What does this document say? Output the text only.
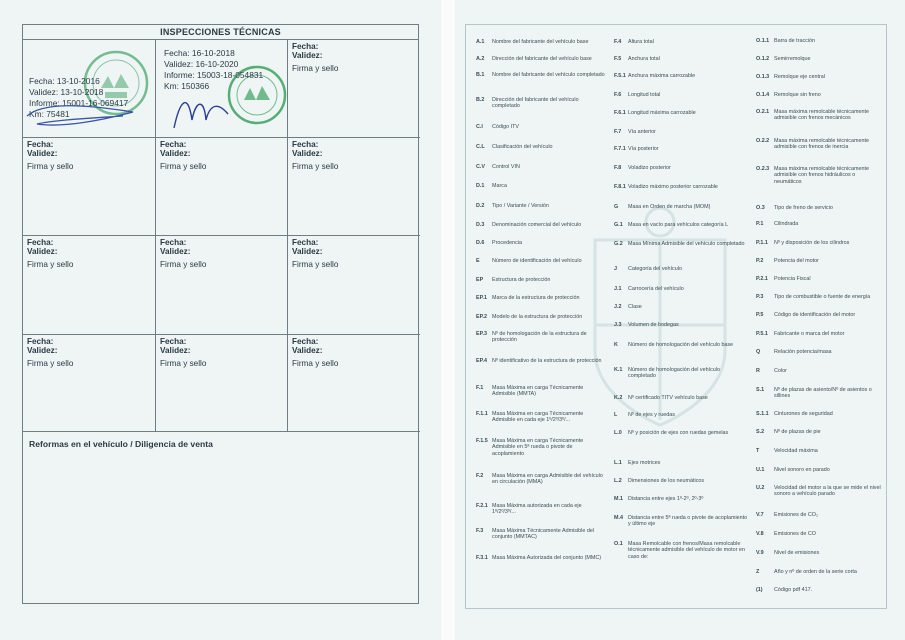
INSPECCIONES TÉCNICAS
Fecha: 13-10-2016
Validez: 13-10-2018
Informe: 15001-16-069417
Km: 75481
Fecha: 16-10-2018
Validez: 16-10-2020
Informe: 15003-18-054831
Km: 150366
Fecha:
Validez:
Firma y sello
Fecha:
Validez:
Firma y sello
Fecha:
Validez:
Firma y sello
Fecha:
Validez:
Firma y sello
Fecha:
Validez:
Firma y sello
Fecha:
Validez:
Firma y sello
Fecha:
Validez:
Firma y sello
Fecha:
Validez:
Firma y sello
Fecha:
Validez:
Firma y sello
Fecha:
Validez:
Firma y sello
Reformas en el vehículo / Diligencia de venta
A.1 Nombre del fabricante del vehículo base
A.2 Dirección del fabricante del vehículo base
B.1 Nombre del fabricante del vehículo completado
B.2 Dirección del fabricante del vehículo completado
C.I Código ITV
C.L Clasificación del vehículo
C.V Control VIN
D.1 Marca
D.2 Tipo / Variante / Versión
D.3 Denominación comercial del vehículo
D.6 Procedencia
E Número de identificación del vehículo
EP Estructura de protección
EP.1 Marca de la estructura de protección
EP.2 Modelo de la estructura de protección
EP.3 Nº de homologación de la estructura de protección
EP.4 Nº identificativo de la estructura de protección
F.1 Masa Máxima en carga Técnicamente Admisible (MMTA)
F.1.1 Masa Máxima en carga Técnicamente Admisible en cada eje 1º/2º/3º/...
F.1.5 Masa Máxima en carga Técnicamente Admisible en 5ª rueda o pivote de acoplamiento
F.2 Masa Máxima en carga Admisible del vehículo en circulación (MMA)
F.2.1 Masa Máxima autorizada en cada eje 1º/2º/3º/...
F.3 Masa Máxima Técnicamente Admisible del conjunto (MMTAC)
F.3.1 Masa Máxima Autorizada del conjunto (MMC)
F.4 Altura total
F.5 Anchura total
F.5.1 Anchura máxima carrozable
F.6 Longitud total
F.6.1 Longitud máxima carrozable
F.7 Vía anterior
F.7.1 Vía posterior
F.8 Voladizo posterior
F.8.1 Voladizo máximo posterior carrozable
G Masa en Orden de marcha (MOM)
G.1 Masa en vacío para vehículos categoría L
G.2 Masa Mínima Admisible del vehículo completado
J Categoría del vehículo
J.1 Carrocería del vehículo
J.2 Clase
J.3 Volumen de bodegas
K Número de homologación del vehículo base
K.1 Número de homologación del vehículo completado
K.2 Nº certificado TITV vehículo base
L Nº de ejes y ruedas
L.0 Nº y posición de ejes con ruedas gemelas
L.1 Ejes motrices
L.2 Dimensiones de los neumáticos
M.1 Distancia entre ejes 1º-2º, 2º-3º
M.4 Distancia entre 5ª rueda o pivote de acoplamiento y último eje
O.1 Masa Remolcable con frenos/Masa remolcable técnicamente admisible del vehículo de motor en caso de:
O.1.1 Barra de tracción
O.1.2 Semirremolque
O.1.3 Remolque eje central
O.1.4 Remolque sin freno
O.2.1 Masa máxima remolcable técnicamente admisible con frenos mecánicos
O.2.2 Masa máxima remolcable técnicamente admisible con frenos de inercia
O.2.3 Masa máxima remolcable técnicamente admisible con frenos hidráulicos o neumáticos
O.3 Tipo de freno de servicio
P.1 Cilindrada
P.1.1 Nº y disposición de los cilindros
P.2 Potencia del motor
P.2.1 Potencia Fiscal
P.3 Tipo de combustible o fuente de energía
P.5 Código de identificación del motor
P.5.1 Fabricante o marca del motor
Q	Relación potencia/masa
R	Color
S.1 Nº de plazas de asiento/Nº de asientos o sillines
S.1.1 Cinturones de seguridad
S.2 Nº de plazas de pie
T	Velocidad máxima
U.1 Nivel sonoro en parado
U.2 Velocidad del motor a la que se mide el nivel sonoro a vehículo parado
V.7 Emisiones de CO₂
V.8 Emisiones de CO
V.9 Nivel de emisiones
Z	Año y nº de orden de la serie corta
(1) Código pdf 417.
